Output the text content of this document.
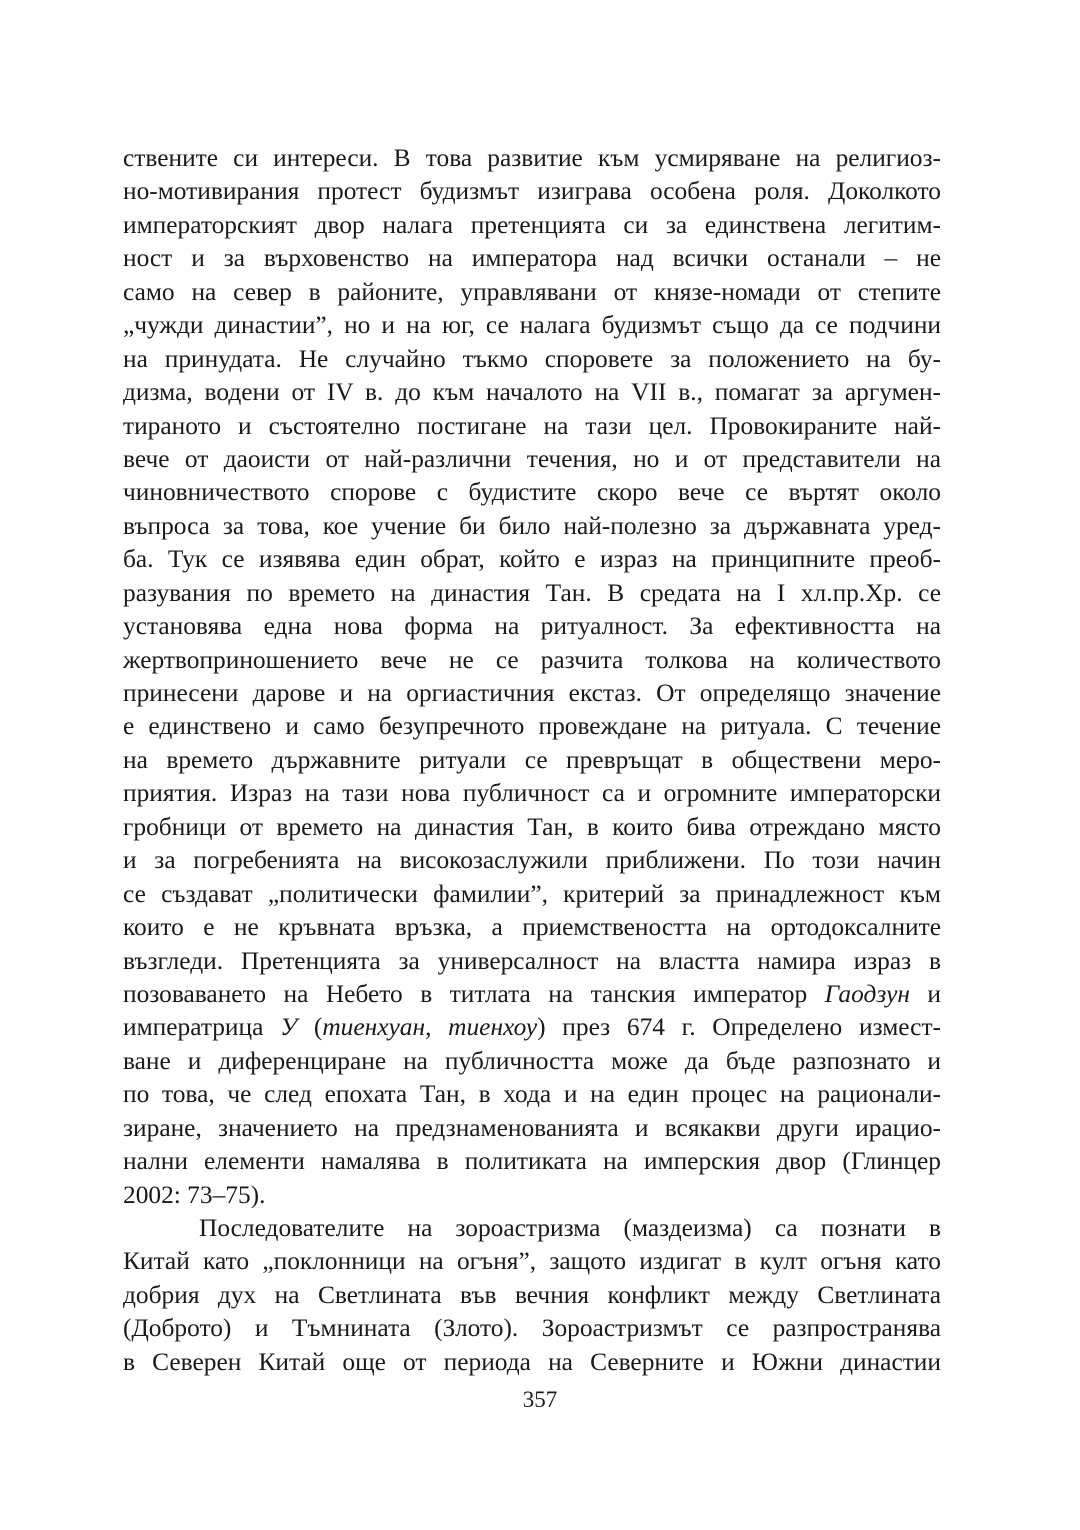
ствените си интереси. В това развитие към усмиряване на религиоз-
но-мотивирания протест будизмът изиграва особена роля. Доколкото
императорският двор налага претенцията си за единствена легитим-
ност и за върховенство на императора над всички останали – не
само на север в районите, управлявани от князе-номади от степите
„чужди династии”, но и на юг, се налага будизмът също да се подчини
на принудата. Не случайно тъкмо споровете за положението на бу-
дизма, водени от IV в. до към началото на VII в., помагат за аргумен-
тираното и състоятелно постигане на тази цел. Провокираните най-
вече от даоисти от най-различни течения, но и от представители на
чиновничеството спорове с будистите скоро вече се въртят около
въпроса за това, кое учение би било най-полезно за държавната уред-
ба. Тук се изявява един обрат, който е израз на принципните преоб-
разувания по времето на династия Тан. В средата на I хл.пр.Хр. се
установява една нова форма на ритуалност. За ефективността на
жертвоприношението вече не се разчита толкова на количеството
принесени дарове и на оргиастичния екстаз. От определящо значение
е единствено и само безупречното провеждане на ритуала. С течение
на времето държавните ритуали се превръщат в обществени меро-
приятия. Израз на тази нова публичност са и огромните императорски
гробници от времето на династия Тан, в които бива отреждано място
и за погребенията на високозаслужили приближени. По този начин
се създават „политически фамилии”, критерий за принадлежност към
които е не кръвната връзка, а приемствеността на ортодоксалните
възгледи. Претенцията за универсалност на властта намира израз в
позоваването на Небето в титлата на танския император Гаодзун и
императрица У (тиенхуан, тиенхоу) през 674 г. Определено измест-
ване и диференциране на публичността може да бъде разпознато и
по това, че след епохата Тан, в хода и на един процес на рационали-
зиране, значението на предзнаменованията и всякакви други ирацио-
нални елементи намалява в политиката на имперския двор (Глинцер
2002: 73–75).
Последователите на зороастризма (маздеизма) са познати в
Китай като „поклонници на огъня”, защото издигат в култ огъня като
добрия дух на Светлината във вечния конфликт между Светлината
(Доброто) и Тъмнината (Злото). Зороастризмът се разпространява
в Северен Китай още от периода на Северните и Южни династии
357
